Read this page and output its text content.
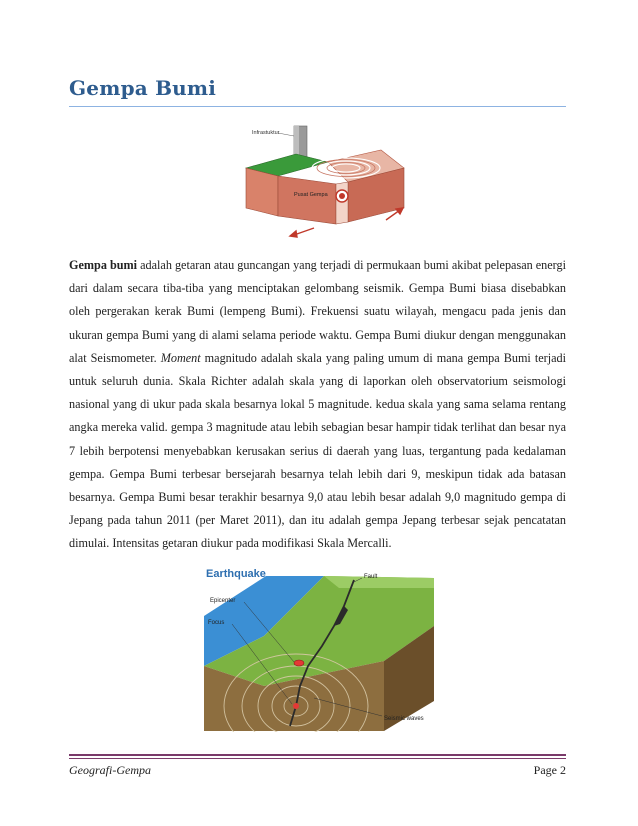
Gempa Bumi
Infrastuktur
Pusat Gempa
Gempa bumi adalah getaran atau guncangan yang terjadi di permukaan bumi akibat pelepasan energi dari dalam secara tiba-tiba yang menciptakan gelombang seismik. Gempa Bumi biasa disebabkan oleh pergerakan kerak Bumi (lempeng Bumi). Frekuensi suatu wilayah, mengacu pada jenis dan ukuran gempa Bumi yang di alami selama periode waktu. Gempa Bumi diukur dengan menggunakan alat Seismometer. Moment magnitudo adalah skala yang paling umum di mana gempa Bumi terjadi untuk seluruh dunia. Skala Richter adalah skala yang di laporkan oleh observatorium seismologi nasional yang di ukur pada skala besarnya lokal 5 magnitude. kedua skala yang sama selama rentang angka mereka valid. gempa 3 magnitude atau lebih sebagian besar hampir tidak terlihat dan besar nya 7 lebih berpotensi menyebabkan kerusakan serius di daerah yang luas, tergantung pada kedalaman gempa. Gempa Bumi terbesar bersejarah besarnya telah lebih dari 9, meskipun tidak ada batasan besarnya. Gempa Bumi besar terakhir besarnya 9,0 atau lebih besar adalah 9,0 magnitudo gempa di Jepang pada tahun 2011 (per Maret 2011), dan itu adalah gempa Jepang terbesar sejak pencatatan dimulai. Intensitas getaran diukur pada modifikasi Skala Mercalli.
Earthquake	Fault
Epicenter
Focus
Seismic waves
Geografi-Gempa	Page 2
